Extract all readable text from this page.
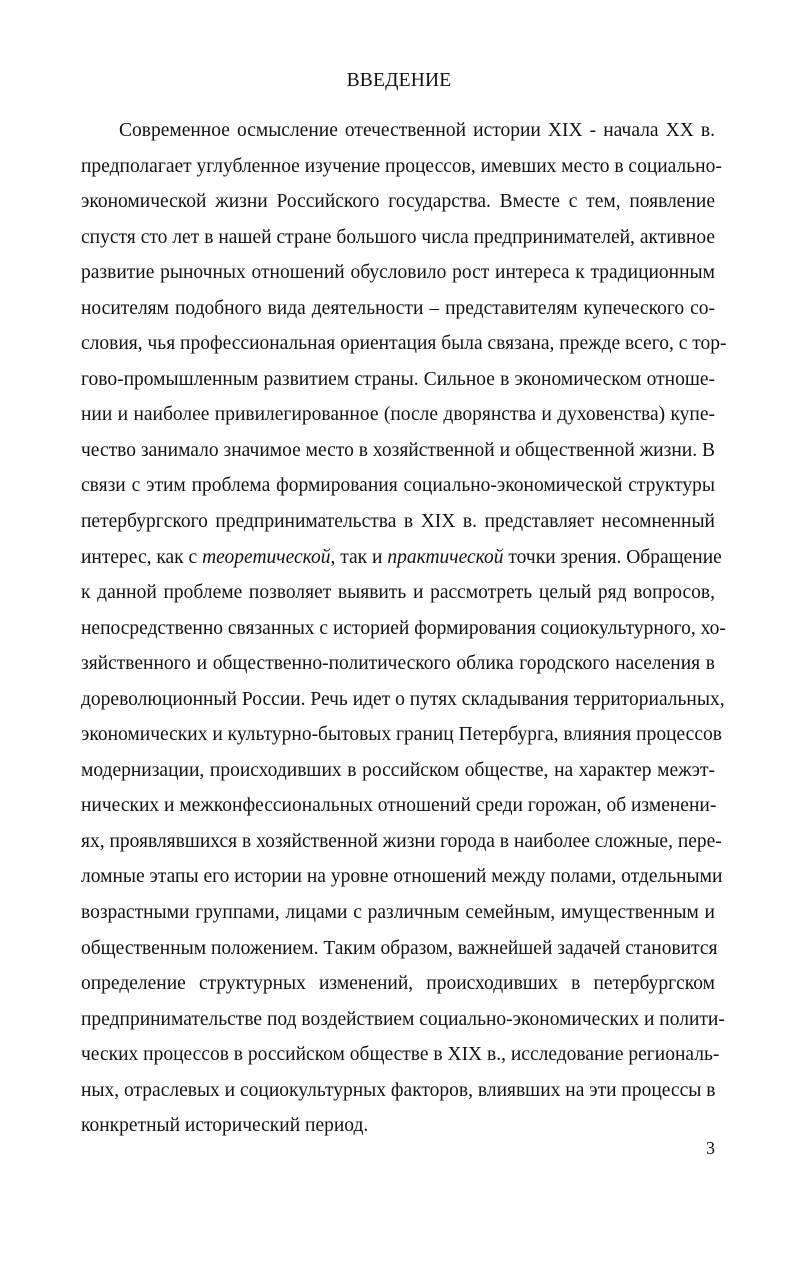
ВВЕДЕНИЕ
Современное осмысление отечественной истории XIX - начала XX в.
предполагает углубленное изучение процессов, имевших место в социально-
экономической жизни Российского государства. Вместе с тем, появление
спустя сто лет в нашей стране большого числа предпринимателей, активное
развитие рыночных отношений обусловило рост интереса к традиционным
носителям подобного вида деятельности – представителям купеческого со-
словия, чья профессиональная ориентация была связана, прежде всего, с тор-
гово-промышленным развитием страны. Сильное в экономическом отноше-
нии и наиболее привилегированное (после дворянства и духовенства) купе-
чество занимало значимое место в хозяйственной и общественной жизни. В
связи с этим проблема формирования социально-экономической структуры
петербургского предпринимательства в XIX в. представляет несомненный
интерес, как с теоретической, так и практической точки зрения. Обращение
к данной проблеме позволяет выявить и рассмотреть целый ряд вопросов,
непосредственно связанных с историей формирования социокультурного, хо-
зяйственного и общественно-политического облика городского населения в
дореволюционный России. Речь идет о путях складывания территориальных,
экономических и культурно-бытовых границ Петербурга, влияния процессов
модернизации, происходивших в российском обществе, на характер межэт-
нических и межконфессиональных отношений среди горожан, об изменени-
ях, проявлявшихся в хозяйственной жизни города в наиболее сложные, пере-
ломные этапы его истории на уровне отношений между полами, отдельными
возрастными группами, лицами с различным семейным, имущественным и
общественным положением. Таким образом, важнейшей задачей становится
определение структурных изменений, происходивших в петербургском
предпринимательстве под воздействием социально-экономических и полити-
ческих процессов в российском обществе в XIX в., исследование региональ-
ных, отраслевых и социокультурных факторов, влиявших на эти процессы в
конкретный исторический период.
3
